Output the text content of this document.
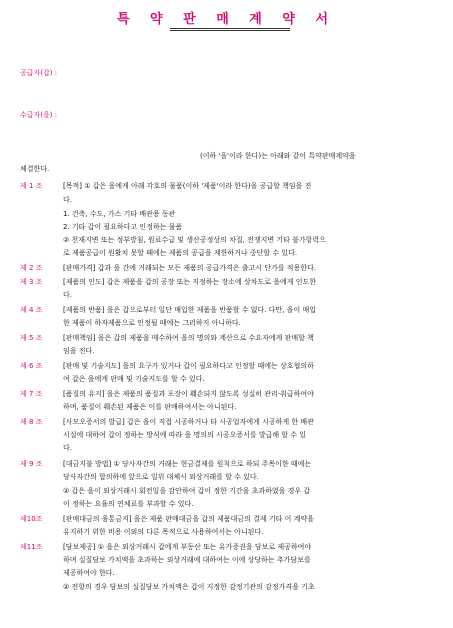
특 약 판 매 계 약 서
공급자(갑) :
수급자(을) :
(이하 '을'이라 한다)는 아래와 같이 특약판매계약을
체결한다.
제 1 조	[목적] ① 갑은 을에게 아래 각호의 물품(이하 '제품'이라 한다)을 공급할 책임을 진
다.
1. 건축, 수도, 가스 기타 배관용 동관
2. 기타 갑이 필요하다고 인정하는 물품
② 천재지변 또는 정부방침, 원료수급 및 생산공정상의 차질, 전쟁지변 기타 불가항력으
로 제품공급이 원활치 못할 때에는 제품의 공급을 제한하거나 중단할 수 있다.
제 2 조	[판매가격] 갑과 을 간에 거래되는 모든 제품의 공급가격은 출고시 단가를 적용한다.
제 3 조	[제품의 인도] 갑은 제품을 갑의 공장 또는 지정하는 장소에 상차도로 을에게 인도한
다.
제 4 조	[제품의 반품] 을은 갑으로부터 일단 매입한 제품을 반품할 수 없다. 다만, 을이 매입
한 제품이 하자제품으로 인정될 때에는 그러하지 아니하다.
제 5 조	[판매책임] 을은 갑의 제품을 매수하여 을의 명의와 계산으로 수요자에게 판매할 책
임을 진다.
제 6 조	[판매 및 기술지도] 을의 요구가 있거나 갑이 필요하다고 인정할 때에는 상호협의하
여 갑은 을에게 판매 및 기술지도를 할 수 있다.
제 7 조	[품질의 유지] 을은 제품의 품질과 포장이 훼손되지 않도록 성실히 관리·취급하여야
하며, 품질이 훼손된 제품은 이를 판매하여서는 아니된다.
제 8 조	[사모오증서의 발급] 갑은 을이 직접 시공하거나 타 시공업자에게 시공하게 한 배관
시설에 대하여 갑이 정하는 방식에 따라 을 명의의 시공오증서를 발급해 할 수 있
다.
제 9 조	[대금지불 방법] ① 당사자간의 거래는 현금결제를 원칙으로 하되 주목이한 때에는
당사자간의 합의하에 앞으로 일위 대체시 외상거래를 할 수 있다.
② 갑은 을이 외상거래시 회전일을 감안하여 갑이 정한 기간을 초과하였을 경우 갑
이 정하는 요율의 연체료를 부과할 수 있다.
제10조	[판매대금의 융통금지] 을은 제품 판매대금을 갑의 제품대금의 결제 기타 이 계약을
유지하기 위한 비용 이외의 다른 목적으로 사용하여서는 아니된다.
제11조	[담보제공] ① 을은 외상거래시 갑에게 부동산 또는 유가증권을 담보로 제공하여야
하며 실질담보 가치액을 초과하는 외상거래에 대하여는 이에 상당하는 추가담보를
제공하여야 한다.
② 전항의 경우 담보의 실질담보 가치액은 갑이 지정한 감정기관의 감정가격을 기초
